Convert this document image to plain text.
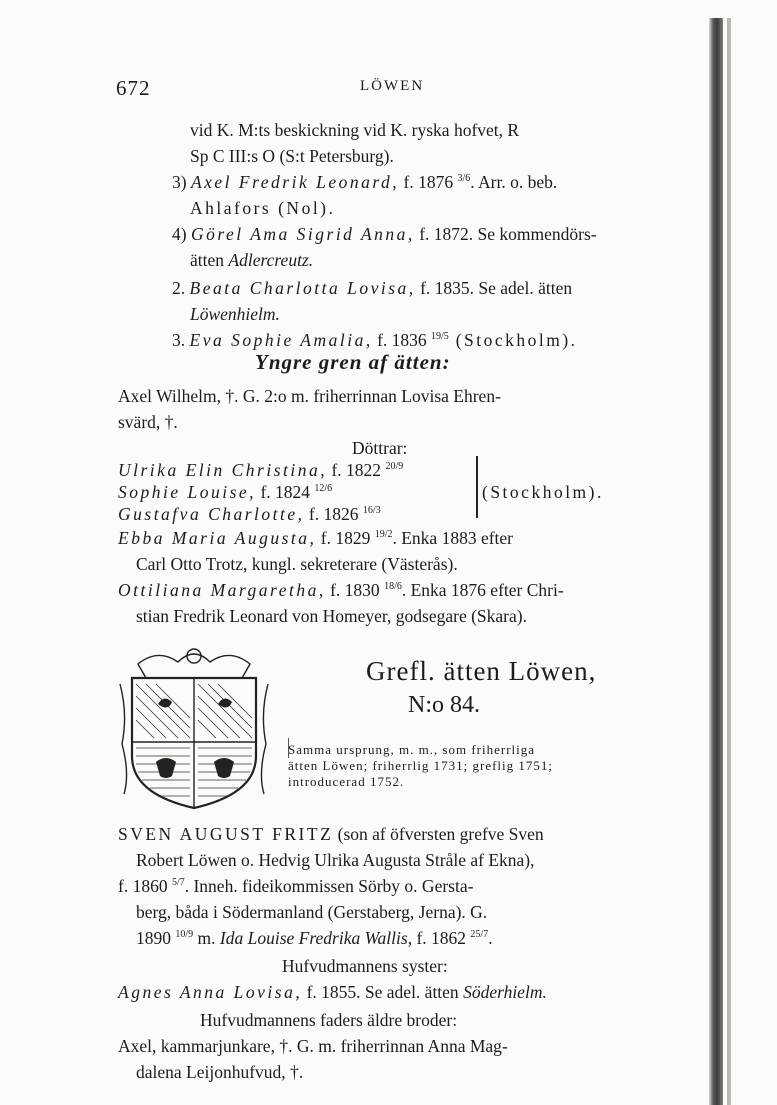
672	LÖWEN
vid K. M:ts beskickning vid K. ryska hofvet, R
Sp C III:s O (S:t Petersburg).
3) Axel Fredrik Leonard, f. 1876 $^{3/6}$. Arr. o. beb.
Ahlafors (Nol).
4) Görel Ama Sigrid Anna, f. 1872. Se kommendörs-
ätten Adlercreutz.
2. Beata Charlotta Lovisa, f. 1835. Se adel. ätten
Löwenhielm.
3. Eva Sophie Amalia, f. 1836 $^{19/5}$ (Stockholm).
Yngre gren af ätten:
Axel Wilhelm, †. G. 2:o m. friherrinnan Lovisa Ehren-
svärd, †.
Döttrar:
Ulrika Elin Christina, f. 1822 $^{20/9}$
Sophie Louise, f. 1824 $^{12/6}$	(Stockholm).
Gustafva Charlotte, f. 1826 $^{16/3}$
Ebba Maria Augusta, f. 1829 $^{19/2}$. Enka 1883 efter
Carl Otto Trotz, kungl. sekreterare (Västerås).
Ottiliana Margaretha, f. 1830 $^{18/6}$. Enka 1876 efter Chri-
stian Fredrik Leonard von Homeyer, godsegare (Skara).
Grefl. ätten Löwen,
N:o 84.
Samma ursprung, m. m., som friherrliga
ätten Löwen; friherrlig 1731; greflig 1751;
introducerad 1752.
SVEN AUGUST FRITZ (son af öfversten grefve Sven
Robert Löwen o. Hedvig Ulrika Augusta Stråle af Ekna),
f. 1860 $^{5/7}$. Inneh. fideikommissen Sörby o. Gersta-
berg, båda i Södermanland (Gerstaberg, Jerna). G.
1890 $^{10/9}$ m. Ida Louise Fredrika Wallis, f. 1862 $^{25/7}$.
Hufvudmannens syster:
Agnes Anna Lovisa, f. 1855. Se adel. ätten Söderhielm.
Hufvudmannens faders äldre broder:
Axel, kammarjunkare, †. G. m. friherrinnan Anna Mag-
dalena Leijonhufvud, †.
